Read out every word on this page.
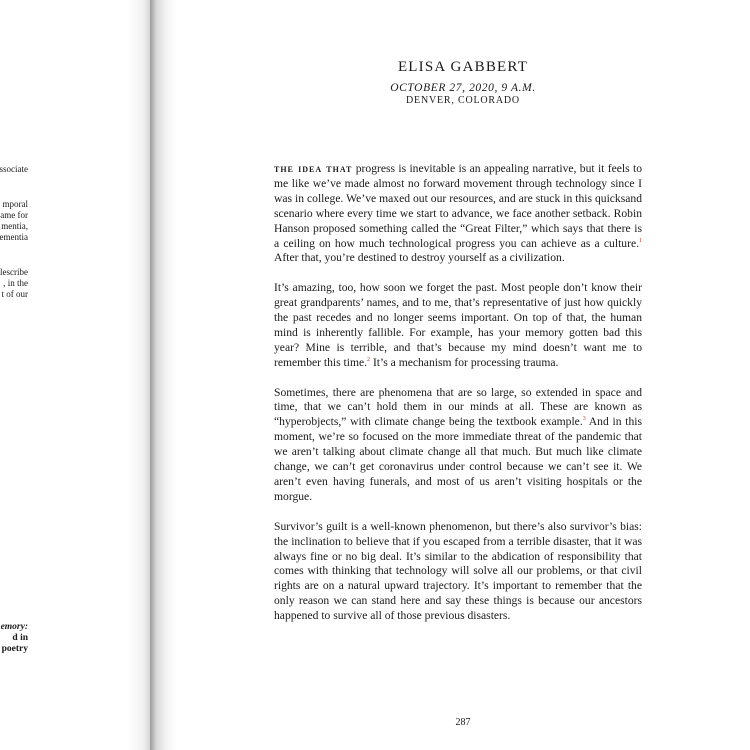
ssociate
mporal
ame for
mentia,
ementia
lescribe
, in the
t of our
emory:
d in
poetry
ELISA GABBERT
OCTOBER 27, 2020, 9 A.M.
DENVER, COLORADO

the idea that progress is inevitable is an appealing narrative, but it feels to me like we’ve made almost no forward movement through technology since I was in college. We’ve maxed out our resources, and are stuck in this quicksand scenario where every time we start to advance, we face another setback. Robin Hanson proposed something called the “Great Filter,” which says that there is a ceiling on how much technological progress you can achieve as a culture.$^1$ After that, you’re destined to destroy yourself as a civilization.

It’s amazing, too, how soon we forget the past. Most people don’t know their great grandparents’ names, and to me, that’s representative of just how quickly the past recedes and no longer seems important. On top of that, the human mind is inherently fallible. For example, has your memory gotten bad this year? Mine is terrible, and that’s because my mind doesn’t want me to remember this time.$^2$ It’s a mechanism for processing trauma.

Sometimes, there are phenomena that are so large, so extended in space and time, that we can’t hold them in our minds at all. These are known as “hyperobjects,” with climate change being the textbook example.$^3$ And in this moment, we’re so focused on the more immediate threat of the pandemic that we aren’t talking about climate change all that much. But much like climate change, we can’t get coronavirus under control because we can’t see it. We aren’t even having funerals, and most of us aren’t visiting hospitals or the morgue.

Survivor’s guilt is a well-known phenomenon, but there’s also survivor’s bias: the inclination to believe that if you escaped from a terrible disaster, that it was always fine or no big deal. It’s similar to the abdication of responsibility that comes with thinking that technology will solve all our problems, or that civil rights are on a natural upward trajectory. It’s important to remember that the only reason we can stand here and say these things is because our ancestors happened to survive all of those previous disasters.

287
